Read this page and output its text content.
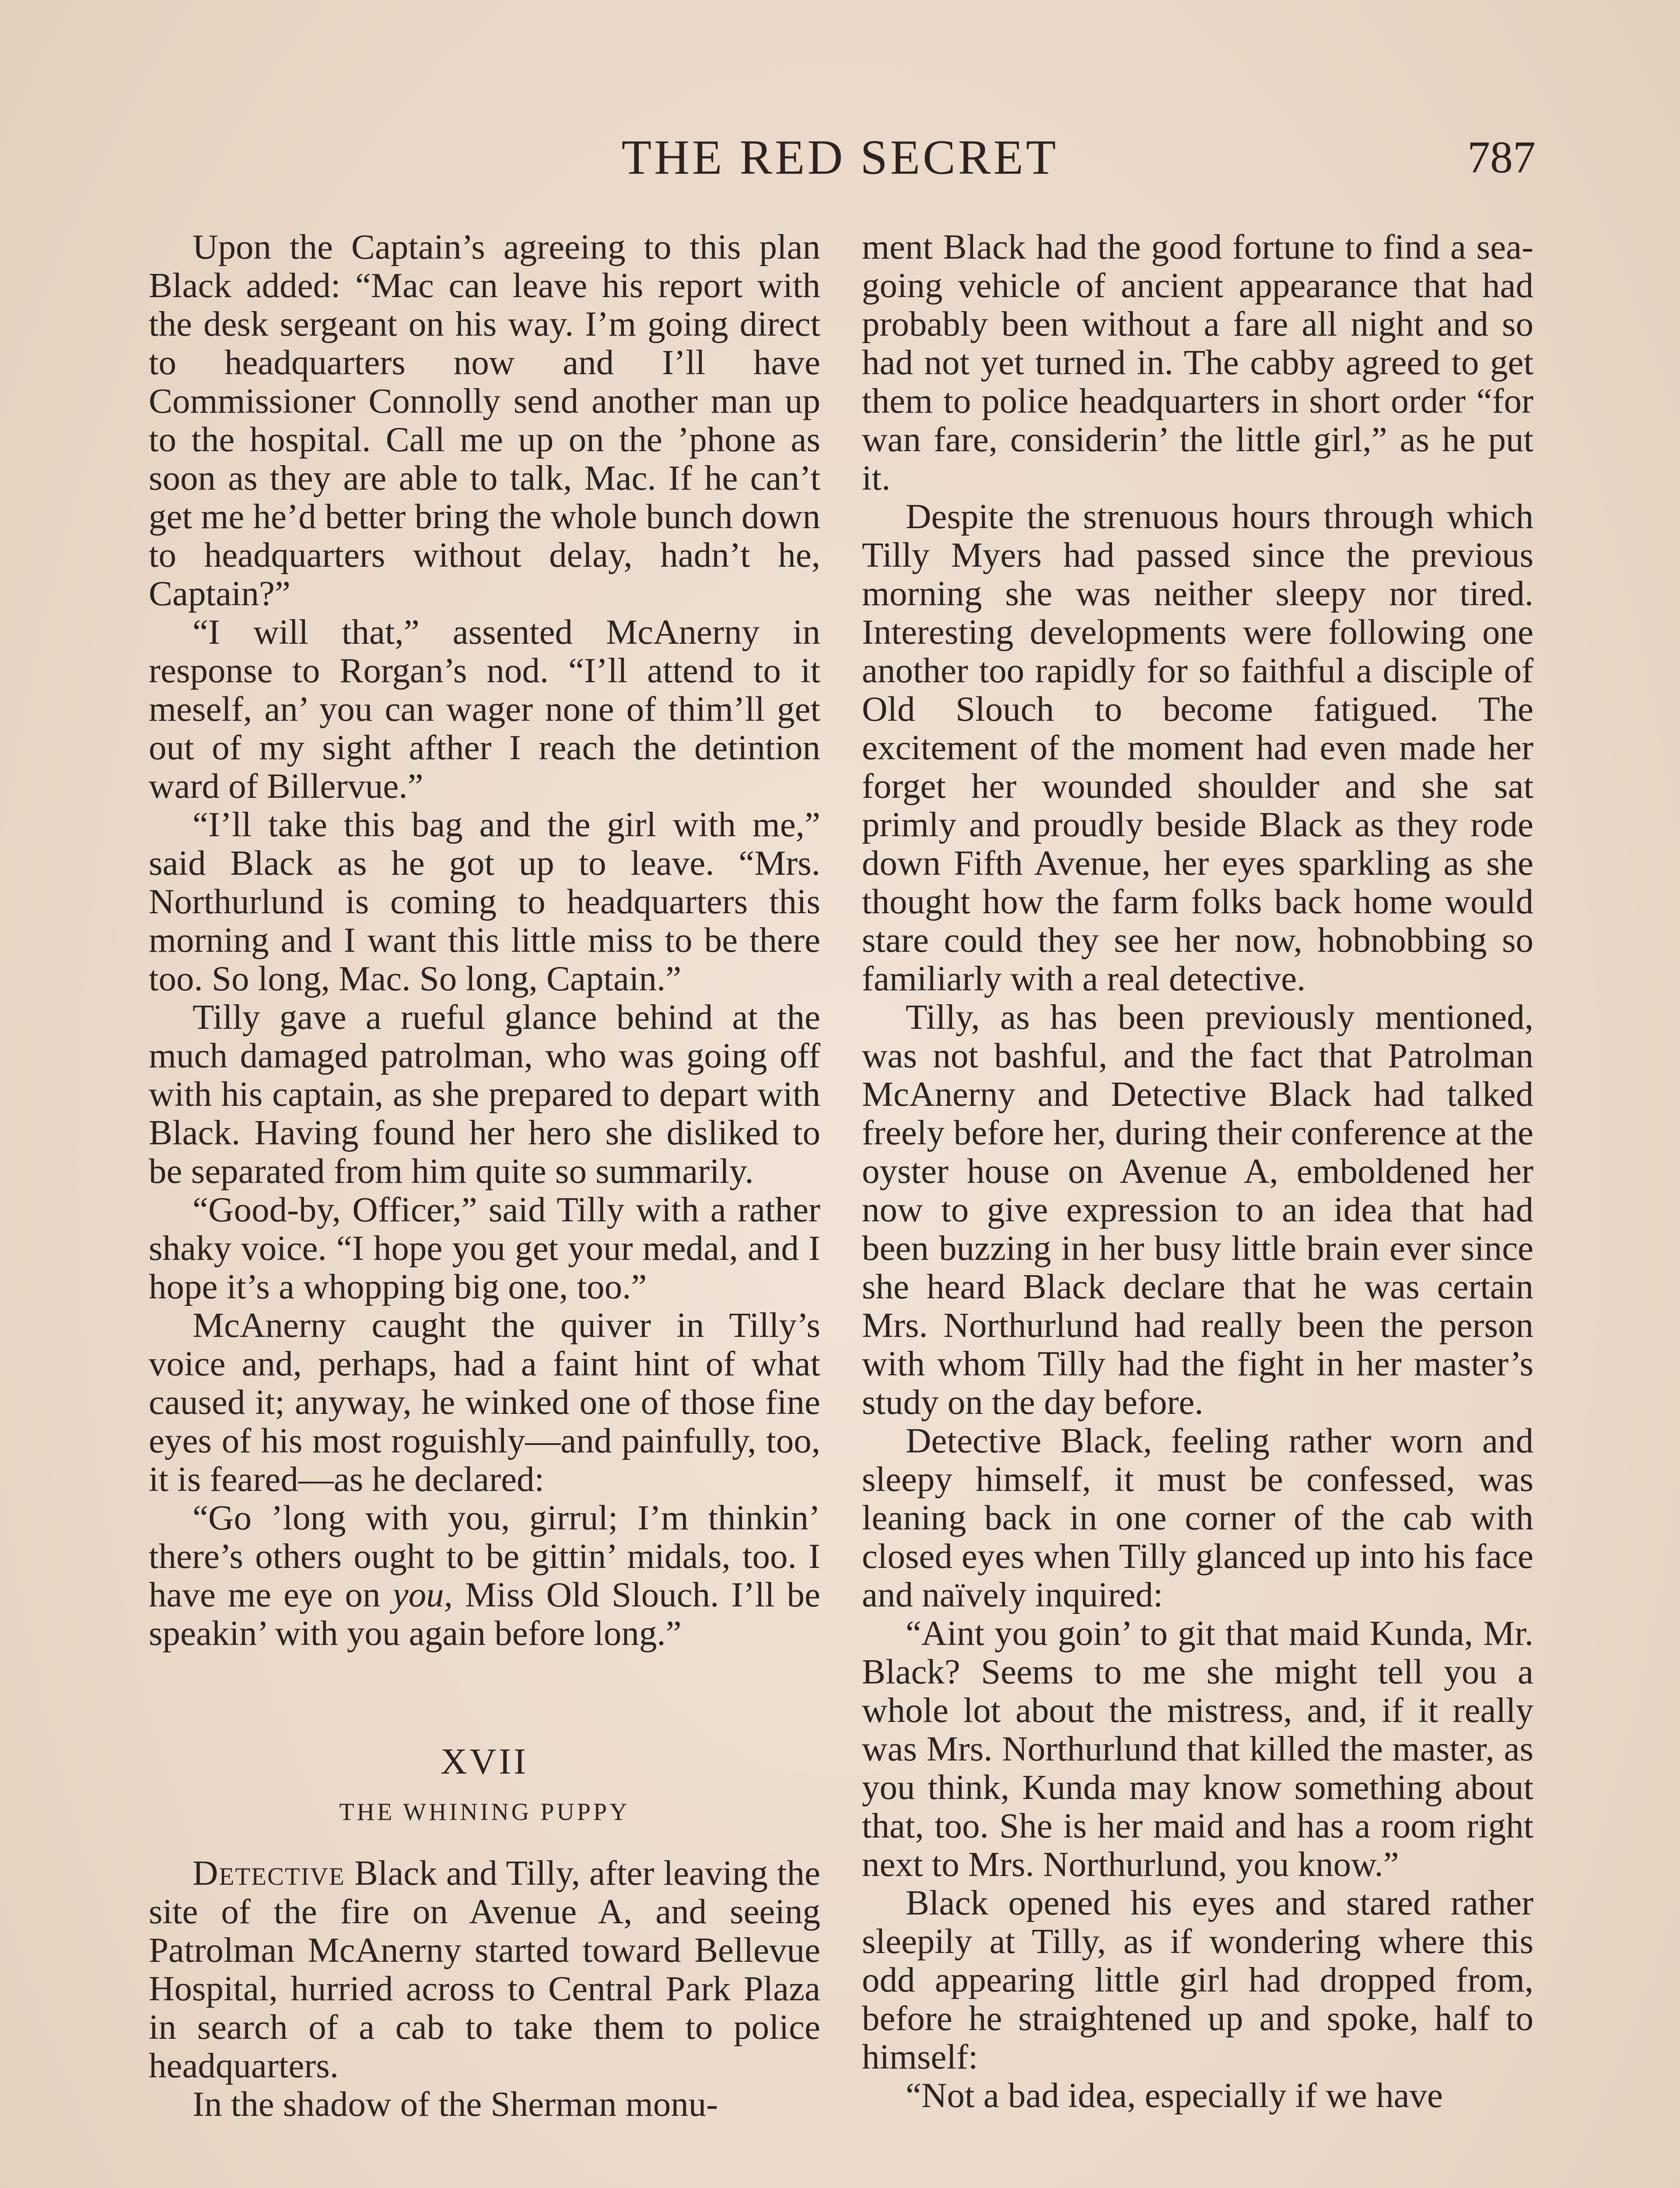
THE RED SECRET	787

Upon the Captain’s agreeing to this plan Black added: “Mac can leave his report with the desk sergeant on his way. I’m going direct to headquarters now and I’ll have Commissioner Connolly send another man up to the hospital. Call me up on the ’phone as soon as they are able to talk, Mac. If he can’t get me he’d better bring the whole bunch down to headquarters without delay, hadn’t he, Captain?”

“I will that,” assented McAnerny in response to Rorgan’s nod. “I’ll attend to it meself, an’ you can wager none of thim’ll get out of my sight afther I reach the detintion ward of Billervue.”

“I’ll take this bag and the girl with me,” said Black as he got up to leave. “Mrs. Northurlund is coming to headquarters this morning and I want this little miss to be there too. So long, Mac. So long, Captain.”

Tilly gave a rueful glance behind at the much damaged patrolman, who was going off with his captain, as she prepared to depart with Black. Having found her hero she disliked to be separated from him quite so summarily.

“Good-by, Officer,” said Tilly with a rather shaky voice. “I hope you get your medal, and I hope it’s a whopping big one, too.”

McAnerny caught the quiver in Tilly’s voice and, perhaps, had a faint hint of what caused it; anyway, he winked one of those fine eyes of his most roguishly—and painfully, too, it is feared—as he declared:

“Go ’long with you, girrul; I’m thinkin’ there’s others ought to be gittin’ midals, too. I have me eye on you, Miss Old Slouch. I’ll be speakin’ with you again before long.”

XVII
THE WHINING PUPPY

Detective Black and Tilly, after leaving the site of the fire on Avenue A, and seeing Patrolman McAnerny started toward Bellevue Hospital, hurried across to Central Park Plaza in search of a cab to take them to police headquarters.

In the shadow of the Sherman monu-

ment Black had the good fortune to find a sea-going vehicle of ancient appearance that had probably been without a fare all night and so had not yet turned in. The cabby agreed to get them to police headquarters in short order “for wan fare, considerin’ the little girl,” as he put it.

Despite the strenuous hours through which Tilly Myers had passed since the previous morning she was neither sleepy nor tired. Interesting developments were following one another too rapidly for so faithful a disciple of Old Slouch to become fatigued. The excitement of the moment had even made her forget her wounded shoulder and she sat primly and proudly beside Black as they rode down Fifth Avenue, her eyes sparkling as she thought how the farm folks back home would stare could they see her now, hobnobbing so familiarly with a real detective.

Tilly, as has been previously mentioned, was not bashful, and the fact that Patrolman McAnerny and Detective Black had talked freely before her, during their conference at the oyster house on Avenue A, emboldened her now to give expression to an idea that had been buzzing in her busy little brain ever since she heard Black declare that he was certain Mrs. Northurlund had really been the person with whom Tilly had the fight in her master’s study on the day before.

Detective Black, feeling rather worn and sleepy himself, it must be confessed, was leaning back in one corner of the cab with closed eyes when Tilly glanced up into his face and naïvely inquired:

“Aint you goin’ to git that maid Kunda, Mr. Black? Seems to me she might tell you a whole lot about the mistress, and, if it really was Mrs. Northurlund that killed the master, as you think, Kunda may know something about that, too. She is her maid and has a room right next to Mrs. Northurlund, you know.”

Black opened his eyes and stared rather sleepily at Tilly, as if wondering where this odd appearing little girl had dropped from, before he straightened up and spoke, half to himself:

“Not a bad idea, especially if we have
